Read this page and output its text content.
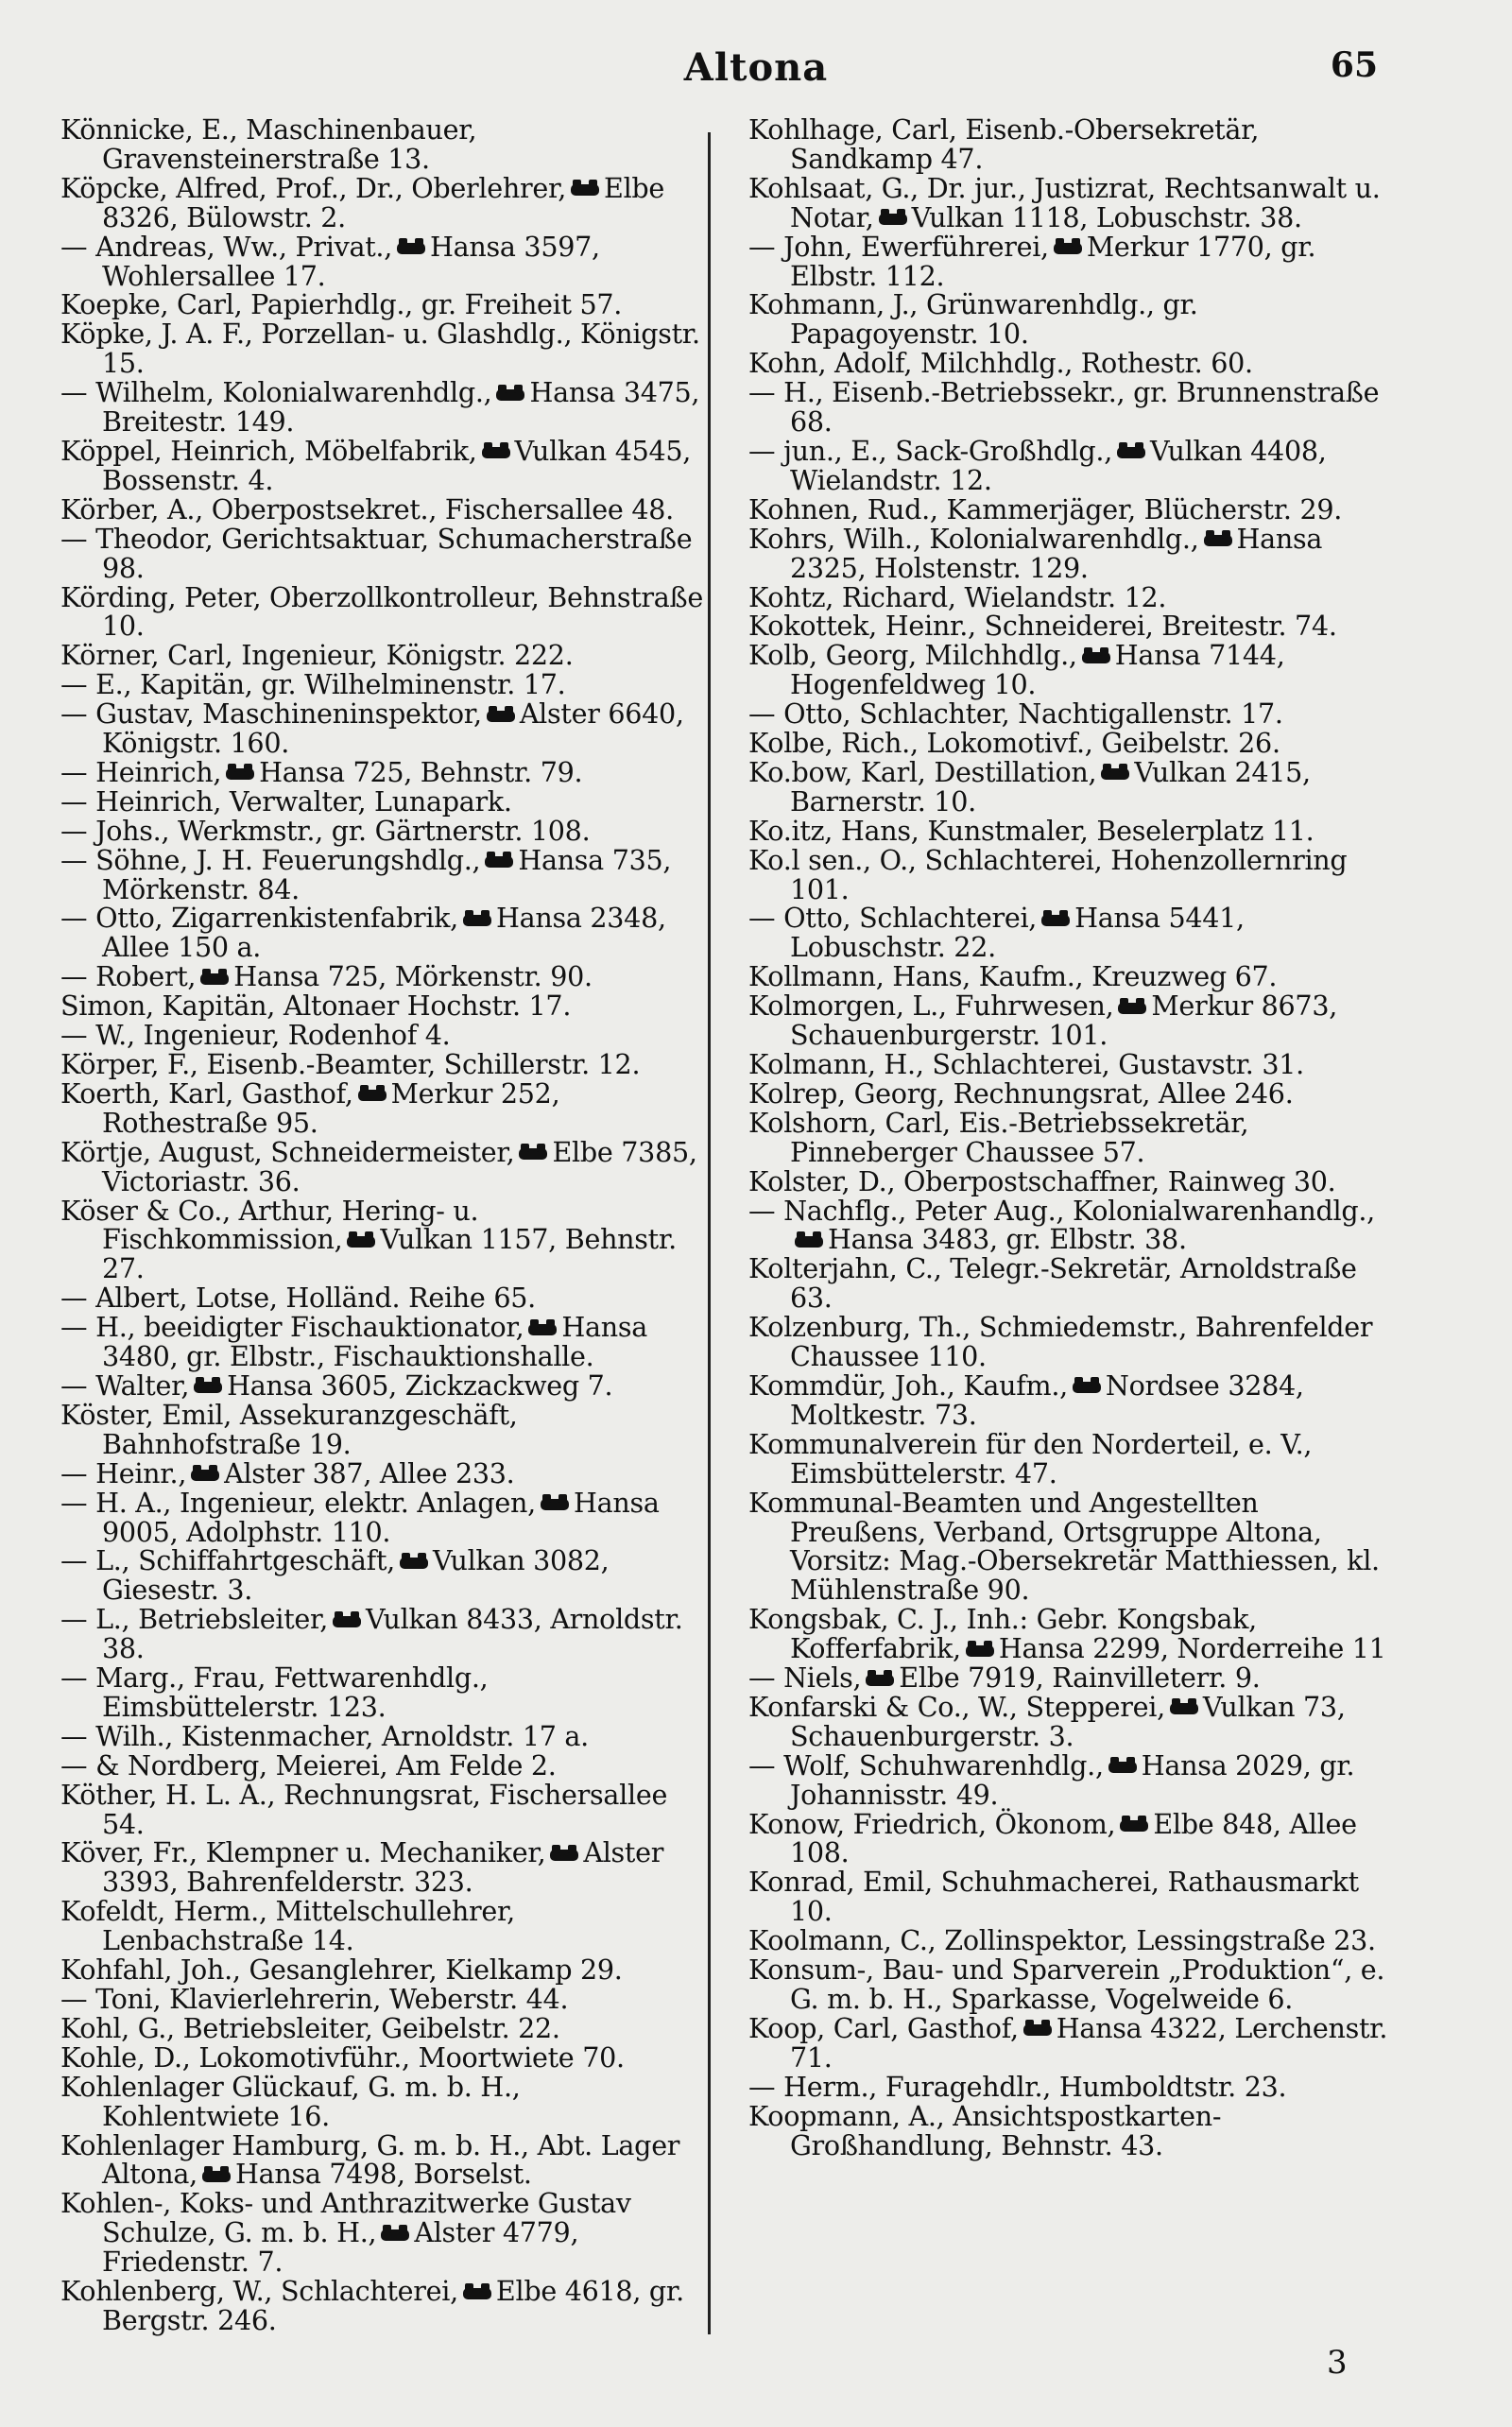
Altona	65

Könnicke, E., Maschinenbauer, Gravensteinerstraße 13.

Köpcke, Alfred, Prof., Dr., Oberlehrer, Elbe 8326, Bülowstr. 2.

— Andreas, Ww., Privat., Hansa 3597, Wohlersallee 17.

Koepke, Carl, Papierhdlg., gr. Freiheit 57.

Köpke, J. A. F., Porzellan- u. Glashdlg., Königstr. 15.

— Wilhelm, Kolonialwarenhdlg., Hansa 3475, Breitestr. 149.

Köppel, Heinrich, Möbelfabrik, Vulkan 4545, Bossenstr. 4.

Körber, A., Oberpostsekret., Fischersallee 48.

— Theodor, Gerichtsaktuar, Schumacherstraße 98.

Körding, Peter, Oberzollkontrolleur, Behnstraße 10.

Körner, Carl, Ingenieur, Königstr. 222.

— E., Kapitän, gr. Wilhelminenstr. 17.

— Gustav, Maschineninspektor, Alster 6640, Königstr. 160.

— Heinrich, Hansa 725, Behnstr. 79.

— Heinrich, Verwalter, Lunapark.

— Johs., Werkmstr., gr. Gärtnerstr. 108.

— Söhne, J. H. Feuerungshdlg., Hansa 735, Mörkenstr. 84.

— Otto, Zigarrenkistenfabrik, Hansa 2348, Allee 150 a.

— Robert, Hansa 725, Mörkenstr. 90.

Simon, Kapitän, Altonaer Hochstr. 17.

— W., Ingenieur, Rodenhof 4.

Körper, F., Eisenb.-Beamter, Schillerstr. 12.

Koerth, Karl, Gasthof, Merkur 252, Rothestraße 95.

Körtje, August, Schneidermeister, Elbe 7385, Victoriastr. 36.

Köser & Co., Arthur, Hering- u. Fischkommission, Vulkan 1157, Behnstr. 27.

— Albert, Lotse, Holländ. Reihe 65.

— H., beeidigter Fischauktionator, Hansa 3480, gr. Elbstr., Fischauktionshalle.

— Walter, Hansa 3605, Zickzackweg 7.

Köster, Emil, Assekuranzgeschäft, Bahnhofstraße 19.

— Heinr., Alster 387, Allee 233.

— H. A., Ingenieur, elektr. Anlagen, Hansa 9005, Adolphstr. 110.

— L., Schiffahrtgeschäft, Vulkan 3082, Giesestr. 3.

— L., Betriebsleiter, Vulkan 8433, Arnoldstr. 38.

— Marg., Frau, Fettwarenhdlg., Eimsbüttelerstr. 123.

— Wilh., Kistenmacher, Arnoldstr. 17 a.

— & Nordberg, Meierei, Am Felde 2.

Köther, H. L. A., Rechnungsrat, Fischersallee 54.

Köver, Fr., Klempner u. Mechaniker, Alster 3393, Bahrenfelderstr. 323.

Kofeldt, Herm., Mittelschullehrer, Lenbachstraße 14.

Kohfahl, Joh., Gesanglehrer, Kielkamp 29.

— Toni, Klavierlehrerin, Weberstr. 44.

Kohl, G., Betriebsleiter, Geibelstr. 22.

Kohle, D., Lokomotivführ., Moortwiete 70.

Kohlenlager Glückauf, G. m. b. H., Kohlentwiete 16.

Kohlenlager Hamburg, G. m. b. H., Abt. Lager Altona, Hansa 7498, Borselst.

Kohlen-, Koks- und Anthrazitwerke Gustav Schulze, G. m. b. H., Alster 4779, Friedenstr. 7.

Kohlenberg, W., Schlachterei, Elbe 4618, gr. Bergstr. 246.

Kohlhage, Carl, Eisenb.-Obersekretär, Sandkamp 47.

Kohlsaat, G., Dr. jur., Justizrat, Rechtsanwalt u. Notar, Vulkan 1118, Lobuschstr. 38.

— John, Ewerführerei, Merkur 1770, gr. Elbstr. 112.

Kohmann, J., Grünwarenhdlg., gr. Papagoyenstr. 10.

Kohn, Adolf, Milchhdlg., Rothestr. 60.

— H., Eisenb.-Betriebssekr., gr. Brunnenstraße 68.

— jun., E., Sack-Großhdlg., Vulkan 4408, Wielandstr. 12.

Kohnen, Rud., Kammerjäger, Blücherstr. 29.

Kohrs, Wilh., Kolonialwarenhdlg., Hansa 2325, Holstenstr. 129.

Kohtz, Richard, Wielandstr. 12.

Kokottek, Heinr., Schneiderei, Breitestr. 74.

Kolb, Georg, Milchhdlg., Hansa 7144, Hogenfeldweg 10.

— Otto, Schlachter, Nachtigallenstr. 17.

Kolbe, Rich., Lokomotivf., Geibelstr. 26.

Ko.bow, Karl, Destillation, Vulkan 2415, Barnerstr. 10.

Ko.itz, Hans, Kunstmaler, Beselerplatz 11.

Ko.l sen., O., Schlachterei, Hohenzollernring 101.

— Otto, Schlachterei, Hansa 5441, Lobuschstr. 22.

Kollmann, Hans, Kaufm., Kreuzweg 67.

Kolmorgen, L., Fuhrwesen, Merkur 8673, Schauenburgerstr. 101.

Kolmann, H., Schlachterei, Gustavstr. 31.

Kolrep, Georg, Rechnungsrat, Allee 246.

Kolshorn, Carl, Eis.-Betriebssekretär, Pinneberger Chaussee 57.

Kolster, D., Oberpostschaffner, Rainweg 30.

— Nachflg., Peter Aug., Kolonialwarenhandlg.,Hansa 3483, gr. Elbstr. 38.

Kolterjahn, C., Telegr.-Sekretär, Arnoldstraße 63.

Kolzenburg, Th., Schmiedemstr., Bahrenfelder Chaussee 110.

Kommdür, Joh., Kaufm., Nordsee 3284, Moltkestr. 73.

Kommunalverein für den Norderteil, e. V., Eimsbüttelerstr. 47.

Kommunal-Beamten und Angestellten Preußens, Verband, Ortsgruppe Altona, Vorsitz: Mag.-Obersekretär Matthiessen, kl. Mühlenstraße 90.

Kongsbak, C. J., Inh.: Gebr. Kongsbak, Kofferfabrik, Hansa 2299, Norderreihe 11

— Niels, Elbe 7919, Rainvilleterr. 9.

Konfarski & Co., W., Stepperei, Vulkan 73, Schauenburgerstr. 3.

— Wolf, Schuhwarenhdlg., Hansa 2029, gr. Johannisstr. 49.

Konow, Friedrich, Ökonom, Elbe 848, Allee 108.

Konrad, Emil, Schuhmacherei, Rathausmarkt 10.

Koolmann, C., Zollinspektor, Lessingstraße 23.

Konsum-, Bau- und Sparverein „Produktion“, e. G. m. b. H., Sparkasse, Vogelweide 6.

Koop, Carl, Gasthof, Hansa 4322, Lerchenstr. 71.

— Herm., Furagehdlr., Humboldtstr. 23.

Koopmann, A., Ansichtspostkarten-Großhandlung, Behnstr. 43.

3
